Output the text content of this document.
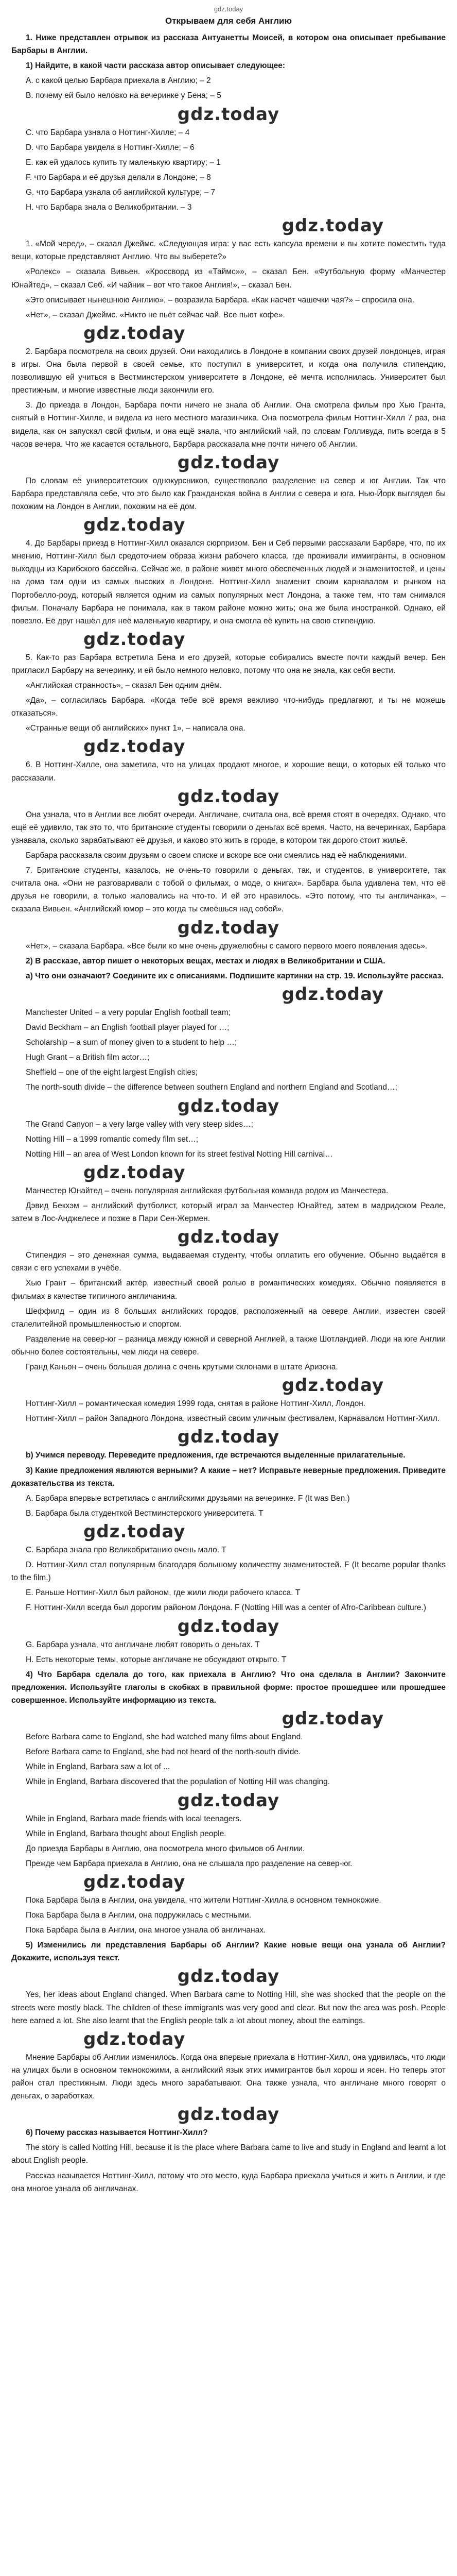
gdz.today
Открываем для себя Англию
1. Ниже представлен отрывок из рассказа Антуанетты Моисей, в котором она описывает пребывание Барбары в Англии.
1) Найдите, в какой части рассказа автор описывает следующее:
A. с какой целью Барбара приехала в Англию; – 2
B. почему ей было неловко на вечеринке у Бена; – 5
gdz.today
C. что Барбара узнала о Ноттинг-Хилле; – 4
D. что Барбара увидела в Ноттинг-Хилле; – 6
E. как ей удалось купить ту маленькую квартиру; – 1
F. что Барбара и её друзья делали в Лондоне; – 8
G. что Барбара узнала об английской культуре; – 7
H. что Барбара знала о Великобритании. – 3
gdz.today
1. «Мой черед», – сказал Джеймс. «Следующая игра: у вас есть капсула времени и вы хотите поместить туда вещи, которые представляют Англию. Что вы выберете?»
«Ролекс» – сказала Вивьен. «Кроссворд из «Таймс»», – сказал Бен. «Футбольную форму «Манчестер Юнайтед», – сказал Себ. «И чайник – вот что такое Англия!», – сказал Бен.
«Это описывает нынешнюю Англию», – возразила Барбара. «Как насчёт чашечки чая?» – спросила она.
«Нет», – сказал Джеймс. «Никто не пьёт сейчас чай. Все пьют кофе».
gdz.today
2. Барбара посмотрела на своих друзей. Они находились в Лондоне в компании своих друзей лондонцев, играя в игры. Она была первой в своей семье, кто поступил в университет, и когда она получила стипендию, позволившую ей учиться в Вестминстерском университете в Лондоне, её мечта исполнилась. Университет был престижным, и многие известные люди закончили его.
3. До приезда в Лондон, Барбара почти ничего не знала об Англии. Она смотрела фильм про Хью Гранта, снятый в Ноттинг-Хилле, и видела из него местного магазинчика. Она посмотрела фильм Ноттинг-Хилл 7 раз, она видела, как он запускал свой фильм, и она ещё знала, что английский чай, по словам Голливуда, пить всегда в 5 часов вечера. Что же касается остального, Барбара рассказала мне почти ничего об Англии.
gdz.today
По словам её университетских однокурсников, существовало разделение на север и юг Англии. Так что Барбара представляла себе, что это было как Гражданская война в Англии с севера и юга. Нью-Йорк выглядел бы похожим на Лондон в Англии, похожим на её дом.
gdz.today
4. До Барбары приезд в Ноттинг-Хилл оказался сюрпризом. Бен и Себ первыми рассказали Барбаре, что, по их мнению, Ноттинг-Хилл был средоточием образа жизни рабочего класса, где проживали иммигранты, в основном выходцы из Карибского бассейна. Сейчас же, в районе живёт много обеспеченных людей и знаменитостей, и цены на дома там одни из самых высоких в Лондоне. Ноттинг-Хилл знаменит своим карнавалом и рынком на Портобелло-роуд, который является одним из самых популярных мест Лондона, а также тем, что там снимался фильм. Поначалу Барбара не понимала, как в таком районе можно жить; она же была иностранкой. Однако, ей повезло. Её друг нашёл для неё маленькую квартиру, и она смогла её купить на свою стипендию.
gdz.today
5. Как-то раз Барбара встретила Бена и его друзей, которые собирались вместе почти каждый вечер. Бен пригласил Барбару на вечеринку, и ей было немного неловко, потому что она не знала, как себя вести.
«Английская странность», – сказал Бен одним днём.
«Да», – согласилась Барбара. «Когда тебе всё время вежливо что-нибудь предлагают, и ты не можешь отказаться».
«Странные вещи об английских» пункт 1», – написала она.
gdz.today
6. В Ноттинг-Хилле, она заметила, что на улицах продают многое, и хорошие вещи, о которых ей только что рассказали.
gdz.today
Она узнала, что в Англии все любят очереди. Англичане, считала она, всё время стоят в очередях. Однако, что ещё её удивило, так это то, что британские студенты говорили о деньгах всё время. Часто, на вечеринках, Барбара узнавала, сколько зарабатывают её друзья, и каково это жить в городе, в котором так дорого стоит жильё.
Барбара рассказала своим друзьям о своем списке и вскоре все они смеялись над её наблюдениями.
7. Британские студенты, казалось, не очень-то говорили о деньгах, так, и студентов, в университете, так считала она. «Они не разговаривали с тобой о фильмах, о моде, о книгах». Барбара была удивлена тем, что её друзья не говорили, а только жаловались на что-то. И ей это нравилось. «Это потому, что ты англичанка», – сказала Вивьен. «Английский юмор – это когда ты смеёшься над собой».
gdz.today
«Нет», – сказала Барбара. «Все были ко мне очень дружелюбны с самого первого моего появления здесь».
2) В рассказе, автор пишет о некоторых вещах, местах и людях в Великобритании и США.
a) Что они означают? Соедините их с описаниями. Подпишите картинки на стр. 19. Используйте рассказ.
gdz.today
Manchester United – a very popular English football team;
David Beckham – an English football player played for …;
Scholarship – a sum of money given to a student to help …;
Hugh Grant – a British film actor…;
Sheffield – one of the eight largest English cities;
The north-south divide – the difference between southern England and northern England and Scotland…;
gdz.today
The Grand Canyon – a very large valley with very steep sides…;
Notting Hill – a 1999 romantic comedy film set…;
Notting Hill – an area of West London known for its street festival Notting Hill carnival…
gdz.today
Манчестер Юнайтед – очень популярная английская футбольная команда родом из Манчестера.
Дэвид Бекхэм – английский футболист, который играл за Манчестер Юнайтед, затем в мадридском Реале, затем в Лос-Анджелесе и позже в Пари Сен-Жермен.
gdz.today
Стипендия – это денежная сумма, выдаваемая студенту, чтобы оплатить его обучение. Обычно выдаётся в связи с его успехами в учёбе.
Хью Грант – британский актёр, известный своей ролью в романтических комедиях. Обычно появляется в фильмах в качестве типичного англичанина.
Шеффилд – один из 8 больших английских городов, расположенный на севере Англии, известен своей сталелитейной промышленностью и спортом.
Разделение на север-юг – разница между южной и северной Англией, а также Шотландией. Люди на юге Англии обычно более состоятельны, чем люди на севере.
Гранд Каньон – очень большая долина с очень крутыми склонами в штате Аризона.
gdz.today
Ноттинг-Хилл – романтическая комедия 1999 года, снятая в районе Ноттинг-Хилл, Лондон.
Ноттинг-Хилл – район Западного Лондона, известный своим уличным фестивалем, Карнавалом Ноттинг-Хилл.
gdz.today
b) Учимся переводу. Переведите предложения, где встречаются выделенные прилагательные.
3) Какие предложения являются верными? А какие – нет? Исправьте неверные предложения. Приведите доказательства из текста.
A. Барбара впервые встретилась с английскими друзьями на вечеринке. F (It was Ben.)
B. Барбара была студенткой Вестминстерского университета. T
gdz.today
C. Барбара знала про Великобританию очень мало. T
D. Ноттинг-Хилл стал популярным благодаря большому количеству знаменитостей. F (It became popular thanks to the film.)
E. Раньше Ноттинг-Хилл был районом, где жили люди рабочего класса. T
F. Ноттинг-Хилл всегда был дорогим районом Лондона. F (Notting Hill was a center of Afro-Caribbean culture.)
gdz.today
G. Барбара узнала, что англичане любят говорить о деньгах. T
H. Есть некоторые темы, которые англичане не обсуждают открыто. T
4) Что Барбара сделала до того, как приехала в Англию? Что она сделала в Англии? Закончите предложения. Используйте глаголы в скобках в правильной форме: простое прошедшее или прошедшее совершенное. Используйте информацию из текста.
gdz.today
Before Barbara came to England, she had watched many films about England.
Before Barbara came to England, she had not heard of the north-south divide.
While in England, Barbara saw a lot of ...
While in England, Barbara discovered that the population of Notting Hill was changing.
gdz.today
While in England, Barbara made friends with local teenagers.
While in England, Barbara thought about English people.
До приезда Барбары в Англию, она посмотрела много фильмов об Англии.
Прежде чем Барбара приехала в Англию, она не слышала про разделение на север-юг.
gdz.today
Пока Барбара была в Англии, она увидела, что жители Ноттинг-Хилла в основном темнокожие.
Пока Барбара была в Англии, она подружилась с местными.
Пока Барбара была в Англии, она многое узнала об англичанах.
5) Изменились ли представления Барбары об Англии? Какие новые вещи она узнала об Англии? Докажите, используя текст.
gdz.today
Yes, her ideas about England changed. When Barbara came to Notting Hill, she was shocked that the people on the streets were mostly black. The children of these immigrants was very good and clear. But now the area was posh. People here earned a lot. She also learnt that the English people talk a lot about money, about the earnings.
gdz.today
Мнение Барбары об Англии изменилось. Когда она впервые приехала в Ноттинг-Хилл, она удивилась, что люди на улицах были в основном темнокожими, а английский язык этих иммигрантов был хорош и ясен. Но теперь этот район стал престижным. Люди здесь много зарабатывают. Она также узнала, что англичане много говорят о деньгах, о заработках.
gdz.today
6) Почему рассказ называется Ноттинг-Хилл?
The story is called Notting Hill, because it is the place where Barbara came to live and study in England and learnt a lot about English people.
Рассказ называется Ноттинг-Хилл, потому что это место, куда Барбара приехала учиться и жить в Англии, и где она многое узнала об англичанах.
